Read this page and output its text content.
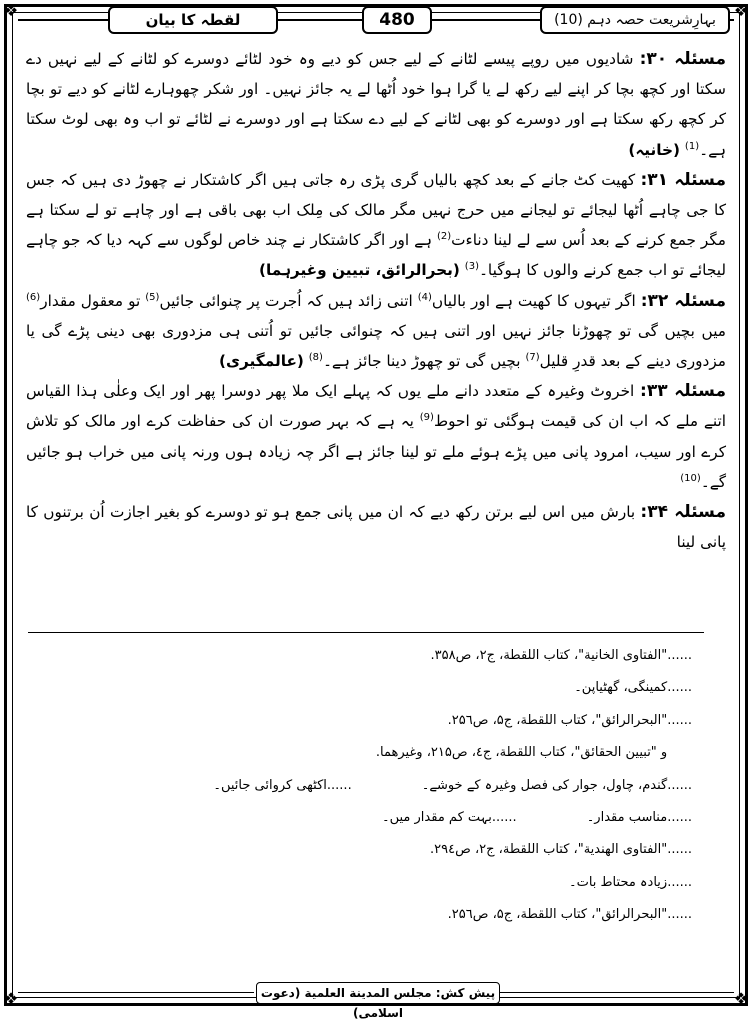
❖	❖
❖	❖
لقطہ کا بیان	480	بہارِشریعت حصہ دہم (10)

مسئلہ ۳۰: شادیوں میں روپے پیسے لٹانے کے لیے جس کو دیے وہ خود لٹائے دوسرے کو لٹانے کے لیے نہیں دے سکتا اور کچھ بچا کر اپنے لیے رکھ لے یا گرا ہوا خود اُٹھا لے یہ جائز نہیں۔ اور شکر چھوہارے لٹانے کو دیے تو بچا کر کچھ رکھ سکتا ہے اور دوسرے کو بھی لٹانے کے لیے دے سکتا ہے اور دوسرے نے لٹائے تو اب وہ بھی لوٹ سکتا ہے۔$^{(1)}$ (خانیہ)

مسئلہ ۳۱: کھیت کٹ جانے کے بعد کچھ بالیاں گری پڑی رہ جاتی ہیں اگر کاشتکار نے چھوڑ دی ہیں کہ جس کا جی چاہے اُٹھا لیجائے تو لیجانے میں حرج نہیں مگر مالک کی مِلک اب بھی باقی ہے اور چاہے تو لے سکتا ہے مگر جمع کرنے کے بعد اُس سے لے لینا دناءت$^{(2)}$ ہے اور اگر کاشتکار نے چند خاص لوگوں سے کہہ دیا کہ جو چاہے لیجائے تو اب جمع کرنے والوں کا ہوگیا۔$^{(3)}$ (بحرالرائق، تبیین وغیرہما)

مسئلہ ۳۲: اگر تیہوں کا کھیت ہے اور بالیاں$^{(4)}$ اتنی زائد ہیں کہ اُجرت پر چنوائی جائیں$^{(5)}$ تو معقول مقدار$^{(6)}$ میں بچیں گی تو چھوڑنا جائز نہیں اور اتنی ہیں کہ چنوائی جائیں تو اُتنی ہی مزدوری بھی دینی پڑے گی یا مزدوری دینے کے بعد قدرِ قلیل$^{(7)}$ بچیں گی تو چھوڑ دینا جائز ہے۔$^{(8)}$ (عالمگیری)

مسئلہ ۳۳: اخروٹ وغیرہ کے متعدد دانے ملے یوں کہ پہلے ایک ملا پھر دوسرا پھر اور ایک وعلٰی ہذا القیاس اتنے ملے کہ اب ان کی قیمت ہوگئی تو احوط$^{(9)}$ یہ ہے کہ بہر صورت ان کی حفاظت کرے اور مالک کو تلاش کرے اور سیب، امرود پانی میں پڑے ہوئے ملے تو لینا جائز ہے اگر چہ زیادہ ہوں ورنہ پانی میں خراب ہو جائیں گے۔$^{(10)}$

مسئلہ ۳۴: بارش میں اس لیے برتن رکھ دیے کہ ان میں پانی جمع ہو تو دوسرے کو بغیر اجازت اُن برتنوں کا پانی لینا

......"الفتاوی الخانیة"، کتاب اللقطة، ج۲، ص۳۵۸.
......کمینگی، گھٹیاپن۔
......"البحرالرائق"، کتاب اللقطة، ج۵، ص۲۵٦.
و "تبیین الحقائق"، کتاب اللقطة، ج٤، ص۲۱۵، وغیرهما.
......گندم، چاول، جوار کی فصل وغیرہ کے خوشے۔......اکٹھی کروائی جائیں۔
......مناسب مقدار۔......بہت کم مقدار میں۔
......"الفتاوی الهندیة"، کتاب اللقطة، ج۲، ص۲۹٤.
......زیادہ محتاط بات۔
......"البحرالرائق"، کتاب اللقطة، ج۵، ص۲۵٦.
پیش کش: مجلس المدینة العلمیة (دعوت اسلامی)
